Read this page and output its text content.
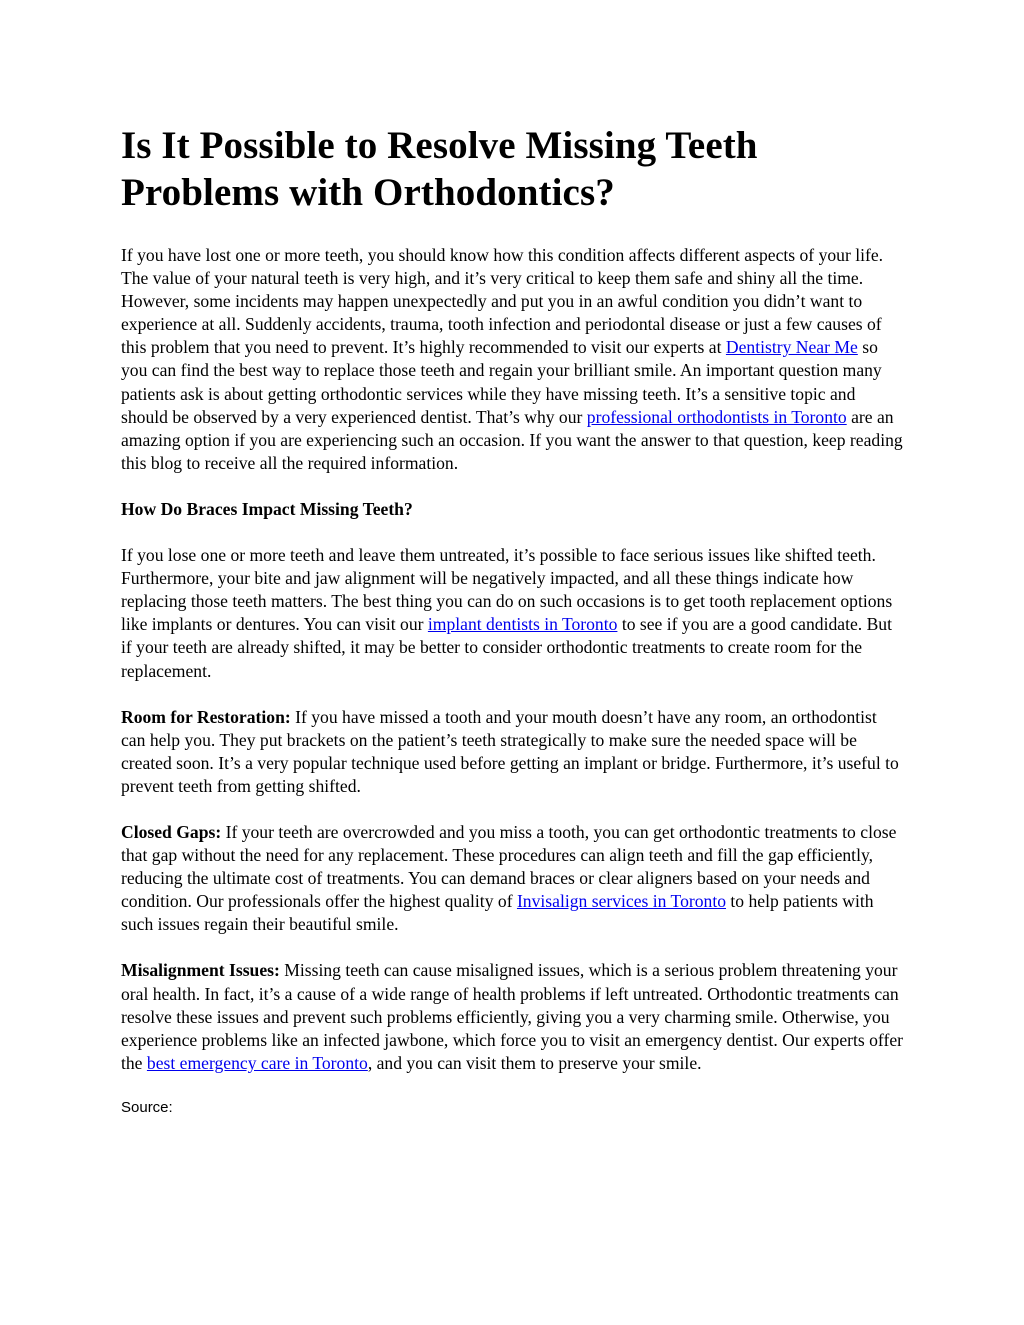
Is It Possible to Resolve Missing Teeth Problems with Orthodontics?

If you have lost one or more teeth, you should know how this condition affects different aspects of your life. The value of your natural teeth is very high, and it’s very critical to keep them safe and shiny all the time. However, some incidents may happen unexpectedly and put you in an awful condition you didn’t want to experience at all. Suddenly accidents, trauma, tooth infection and periodontal disease or just a few causes of this problem that you need to prevent. It’s highly recommended to visit our experts at Dentistry Near Me so you can find the best way to replace those teeth and regain your brilliant smile. An important question many patients ask is about getting orthodontic services while they have missing teeth. It’s a sensitive topic and should be observed by a very experienced dentist. That’s why our professional orthodontists in Toronto are an amazing option if you are experiencing such an occasion. If you want the answer to that question, keep reading this blog to receive all the required information.

How Do Braces Impact Missing Teeth?

If you lose one or more teeth and leave them untreated, it’s possible to face serious issues like shifted teeth. Furthermore, your bite and jaw alignment will be negatively impacted, and all these things indicate how replacing those teeth matters. The best thing you can do on such occasions is to get tooth replacement options like implants or dentures. You can visit our implant dentists in Toronto to see if you are a good candidate. But if your teeth are already shifted, it may be better to consider orthodontic treatments to create room for the replacement.

Room for Restoration: If you have missed a tooth and your mouth doesn’t have any room, an orthodontist can help you. They put brackets on the patient’s teeth strategically to make sure the needed space will be created soon. It’s a very popular technique used before getting an implant or bridge. Furthermore, it’s useful to prevent teeth from getting shifted.

Closed Gaps: If your teeth are overcrowded and you miss a tooth, you can get orthodontic treatments to close that gap without the need for any replacement. These procedures can align teeth and fill the gap efficiently, reducing the ultimate cost of treatments. You can demand braces or clear aligners based on your needs and condition. Our professionals offer the highest quality of Invisalign services in Toronto to help patients with such issues regain their beautiful smile.

Misalignment Issues: Missing teeth can cause misaligned issues, which is a serious problem threatening your oral health. In fact, it’s a cause of a wide range of health problems if left untreated. Orthodontic treatments can resolve these issues and prevent such problems efficiently, giving you a very charming smile. Otherwise, you experience problems like an infected jawbone, which force you to visit an emergency dentist. Our experts offer the best emergency care in Toronto, and you can visit them to preserve your smile.

Source:
